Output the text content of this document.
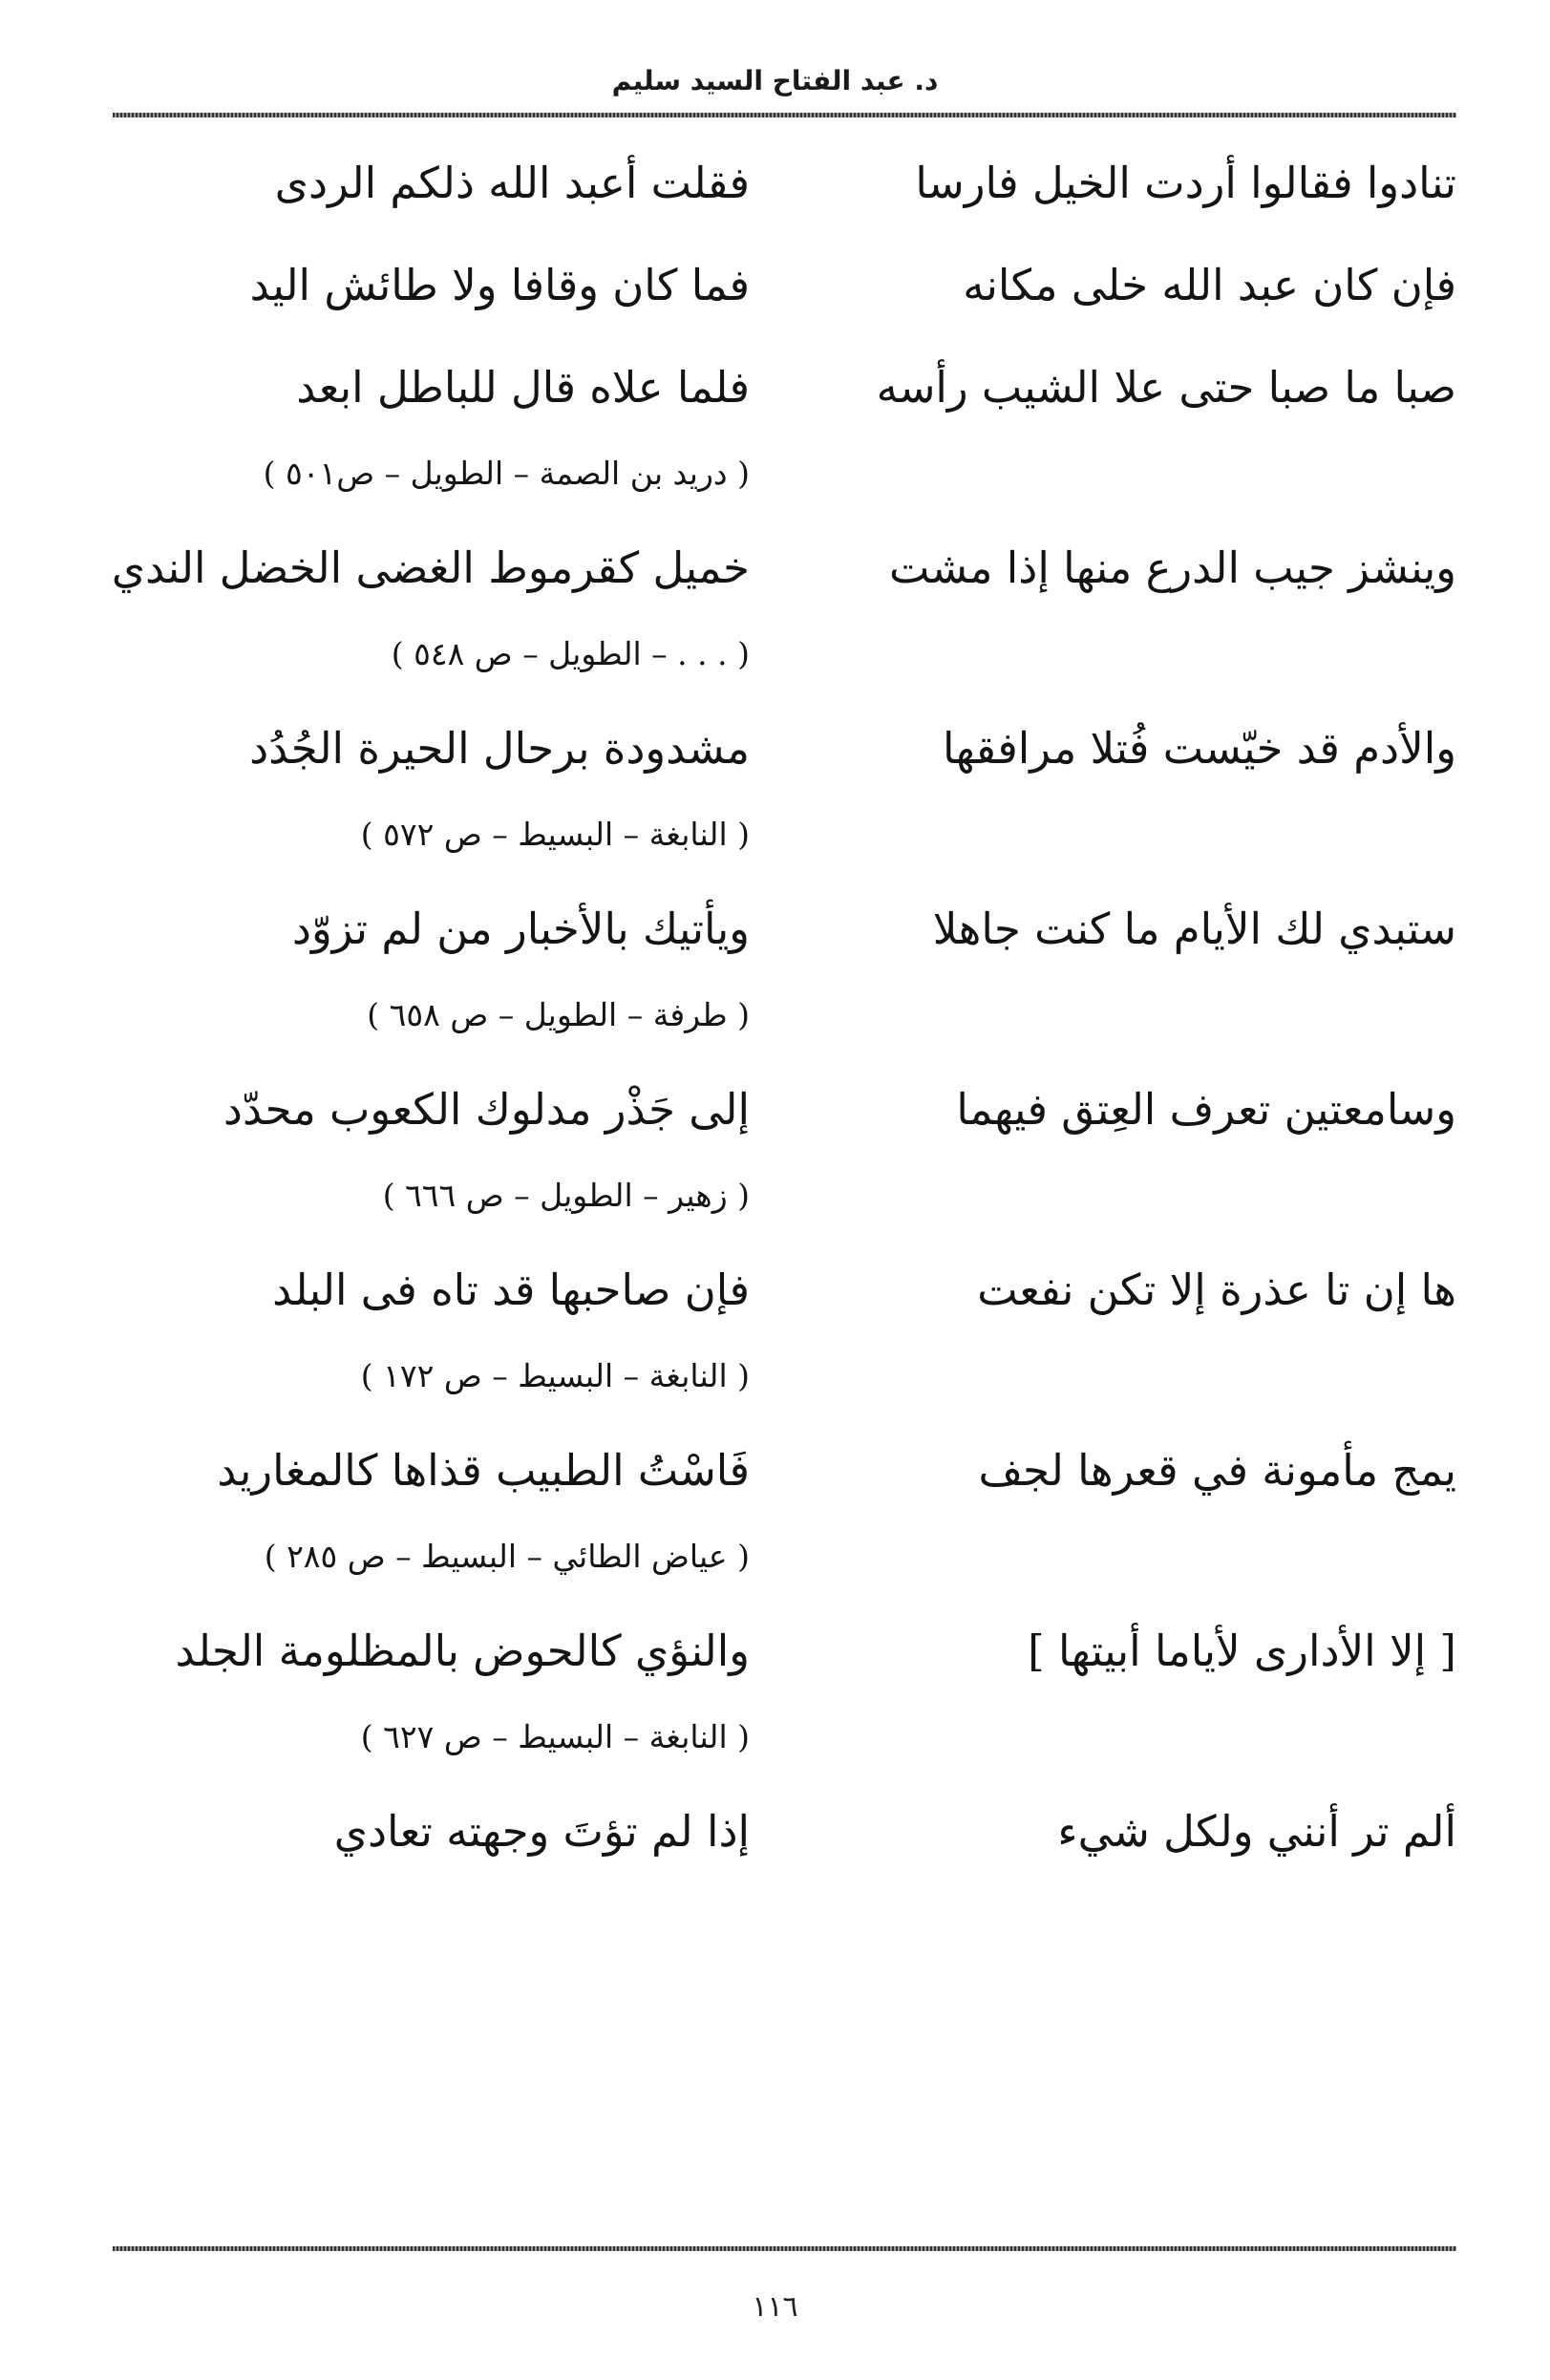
د. عبد الفتاح السيد سليم
تنادوا فقالوا أردت الخيل فارسا
فقلت أعبد الله ذلكم الردى
فإن كان عبد الله خلى مكانه
فما كان وقافا ولا طائش اليد
صبا ما صبا حتى علا الشيب رأسه
فلما علاه قال للباطل ابعد
( دريد بن الصمة – الطويل – ص٥٠١ )
وينشز جيب الدرع منها إذا مشت
خميل كقرموط الغضى الخضل الندي
( . . . – الطويل – ص ٥٤٨ )
والأدم قد خيّست فُتلا مرافقها
مشدودة برحال الحيرة الجُدُد
( النابغة – البسيط – ص ٥٧٢ )
ستبدي لك الأيام ما كنت جاهلا
ويأتيك بالأخبار من لم تزوّد
( طرفة – الطويل – ص ٦٥٨ )
وسامعتين تعرف العِتق فيهما
إلى جَذْر مدلوك الكعوب محدّد
( زهير – الطويل – ص ٦٦٦ )
ها إن تا عذرة إلا تكن نفعت
فإن صاحبها قد تاه فى البلد
( النابغة – البسيط – ص ١٧٢ )
يمج مأمونة في قعرها لجف
فَاسْتُ الطبيب قذاها كالمغاريد
( عياض الطائي – البسيط – ص ٢٨٥ )
[ إلا الأدارى لأياما أبيتها ]
والنؤي كالحوض بالمظلومة الجلد
( النابغة – البسيط – ص ٦٢٧ )
ألم تر أنني ولكل شيء
إذا لم تؤتَ وجهته تعادي
١١٦
